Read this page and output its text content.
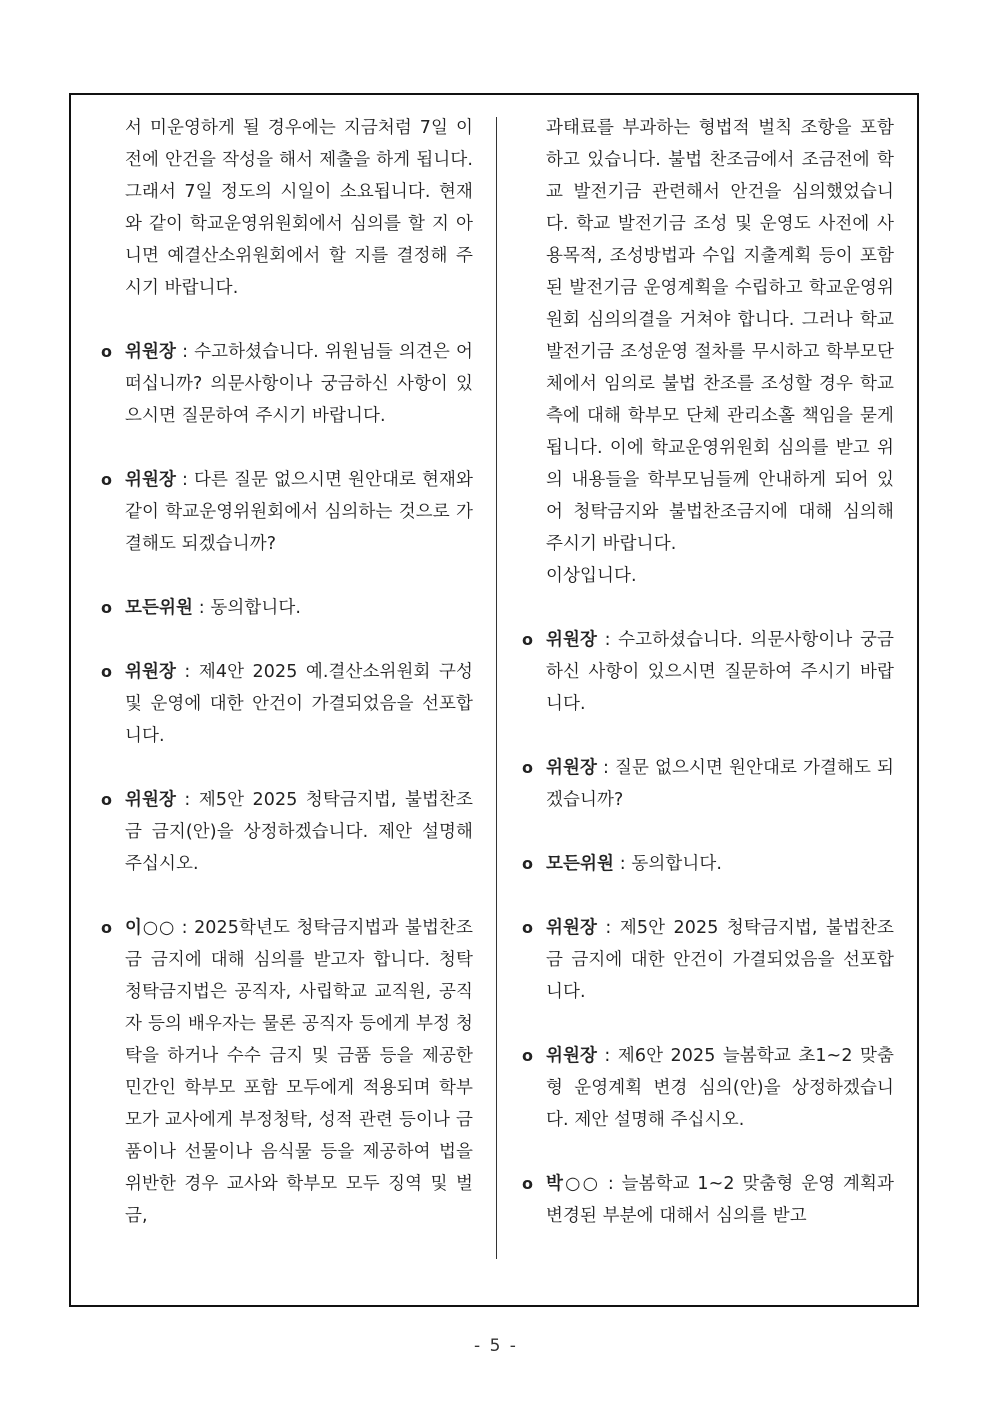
서 미운영하게 될 경우에는 지금처럼 7일 이전에 안건을 작성을 해서 제출을 하게 됩니다. 그래서 7일 정도의 시일이 소요됩니다. 현재와 같이 학교운영위원회에서 심의를 할 지 아니면 예결산소위원회에서 할 지를 결정해 주시기 바랍니다.
o 위원장 : 수고하셨습니다. 위원님들 의견은 어떠십니까? 의문사항이나 궁금하신 사항이 있으시면 질문하여 주시기 바랍니다.
o 위원장 : 다른 질문 없으시면 원안대로 현재와 같이 학교운영위원회에서 심의하는 것으로 가결해도 되겠습니까?
o 모든위원 : 동의합니다.
o 위원장 : 제4안 2025 예.결산소위원회 구성 및 운영에 대한 안건이 가결되었음을 선포합니다.
o 위원장 : 제5안 2025 청탁금지법, 불법찬조금 금지(안)을 상정하겠습니다. 제안 설명해 주십시오.
o 이○○ : 2025학년도 청탁금지법과 불법찬조금 금지에 대해 심의를 받고자 합니다. 청탁 청탁금지법은 공직자, 사립학교 교직원, 공직자 등의 배우자는 물론 공직자 등에게 부정 청탁을 하거나 수수 금지 및 금품 등을 제공한 민간인 학부모 포함 모두에게 적용되며 학부모가 교사에게 부정청탁, 성적 관련 등이나 금품이나 선물이나 음식물 등을 제공하여 법을 위반한 경우 교사와 학부모 모두 징역 및 벌금,
과태료를 부과하는 형법적 벌칙 조항을 포함하고 있습니다. 불법 찬조금에서 조금전에 학교 발전기금 관련해서 안건을 심의했었습니다. 학교 발전기금 조성 및 운영도 사전에 사용목적, 조성방법과 수입 지출계획 등이 포함된 발전기금 운영계획을 수립하고 학교운영위원회 심의의결을 거쳐야 합니다. 그러나 학교발전기금 조성운영 절차를 무시하고 학부모단체에서 임의로 불법 찬조를 조성할 경우 학교측에 대해 학부모 단체 관리소홀 책임을 묻게 됩니다. 이에 학교운영위원회 심의를 받고 위의 내용들을 학부모님들께 안내하게 되어 있어 청탁금지와 불법찬조금지에 대해 심의해 주시기 바랍니다.
이상입니다.
o 위원장 : 수고하셨습니다. 의문사항이나 궁금하신 사항이 있으시면 질문하여 주시기 바랍니다.
o 위원장 : 질문 없으시면 원안대로 가결해도 되겠습니까?
o 모든위원 : 동의합니다.
o 위원장 : 제5안 2025 청탁금지법, 불법찬조금 금지에 대한 안건이 가결되었음을 선포합니다.
o 위원장 : 제6안 2025 늘봄학교 초1~2 맞춤형 운영계획 변경 심의(안)을 상정하겠습니다. 제안 설명해 주십시오.
o 박○○ : 늘봄학교 1~2 맞춤형 운영 계획과 변경된 부분에 대해서 심의를 받고
- 5 -
